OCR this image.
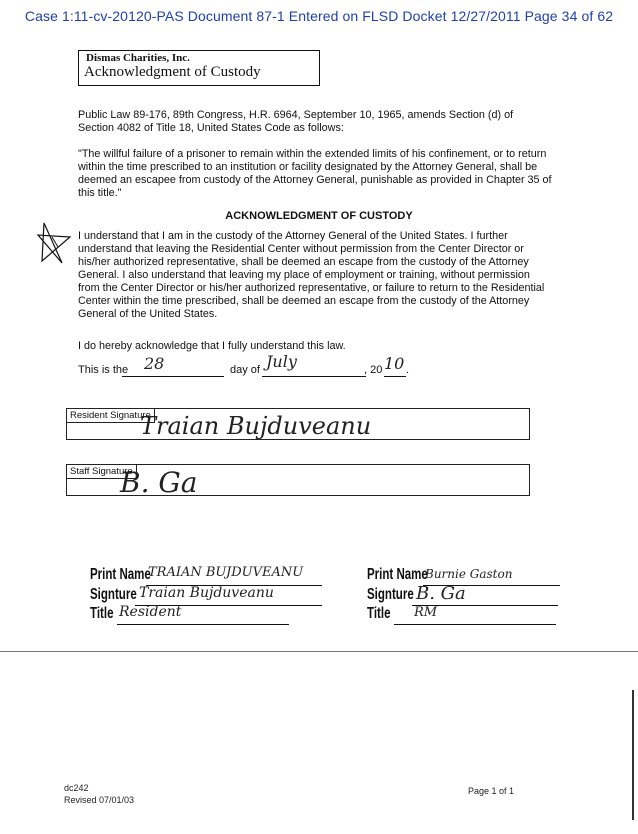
Case 1:11-cv-20120-PAS Document 87-1 Entered on FLSD Docket 12/27/2011 Page 34 of 62
Dismas Charities, Inc.
Acknowledgment of Custody
Public Law 89-176, 89th Congress, H.R. 6964, September 10, 1965, amends Section (d) of Section 4082 of Title 18, United States Code as follows:
"The willful failure of a prisoner to remain within the extended limits of his confinement, or to return within the time prescribed to an institution or facility designated by the Attorney General, shall be deemed an escapee from custody of the Attorney General, punishable as provided in Chapter 35 of this title."
ACKNOWLEDGMENT OF CUSTODY
I understand that I am in the custody of the Attorney General of the United States. I further understand that leaving the Residential Center without permission from the Center Director or his/her authorized representative, shall be deemed an escape from the custody of the Attorney General. I also understand that leaving my place of employment or training, without permission from the Center Director or his/her authorized representative, or failure to return to the Residential Center within the time prescribed, shall be deemed an escape from the custody of the Attorney General of the United States.
I do hereby acknowledge that I fully understand this law.
This is the 28	day of July	, 20 10 .
Resident Signature
Traian Bujduveanu
Staff Signature
B. Ga
Print Name
TRAIAN BUJDUVEANU
Signture Traian Bujduveanu
Title Resident
Print Name
Burnie Gaston
Signture B. Ga
Title RM
dc242
Revised 07/01/03
Page 1 of 1
